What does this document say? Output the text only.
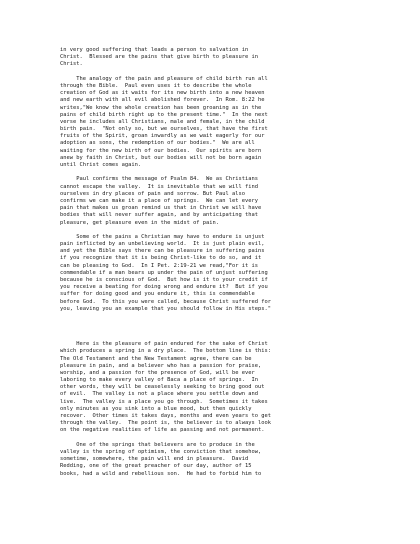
in very good suffering that leads a person to salvation in
Christ.  Blessed are the pains that give birth to pleasure in
Christ.
The analogy of the pain and pleasure of child birth run all
through the Bible.  Paul even uses it to describe the whole
creation of God as it waits for its new birth into a new heaven
and new earth with all evil abolished forever.  In Rom. 8:22 he
writes,"We know the whole creation has been groaning as in the
pains of child birth right up to the present time."  In the next
verse he includes all Christians, male and female, in the child
birth pain.  "Not only so, but we ourselves, that have the first
fruits of the Spirit, groan inwardly as we wait eagerly for our
adoption as sons, the redemption of our bodies."  We are all
waiting for the new birth of our bodies.  Our spirits are born
anew by faith in Christ, but our bodies will not be born again
until Christ comes again.
Paul confirms the message of Psalm 84.  We as Christians
cannot escape the valley.  It is inevitable that we will find
ourselves in dry places of pain and sorrow. But Paul also
confirms we can make it a place of springs.  We can let every
pain that makes us groan remind us that in Christ we will have
bodies that will never suffer again, and by anticipating that
pleasure, get pleasure even in the midst of pain.
Some of the pains a Christian may have to endure is unjust
pain inflicted by an unbelieving world.  It is just plain evil,
and yet the Bible says there can be pleasure in suffering pains
if you recognize that it is being Christ-like to do so, and it
can be pleasing to God.  In I Pet. 2:19-21 we read,"For it is
commendable if a man bears up under the pain of unjust suffering
because he is conscious of God.  But how is it to your credit if
you receive a beating for doing wrong and endure it?  But if you
suffer for doing good and you endure it, this is commendable
before God.  To this you were called, because Christ suffered for
you, leaving you an example that you should follow in His steps."
Here is the pleasure of pain endured for the sake of Christ
which produces a spring in a dry place.  The bottom line is this:
The Old Testament and the New Testament agree, there can be
pleasure in pain, and a believer who has a passion for praise,
worship, and a passion for the presence of God, will be ever
laboring to make every valley of Baca a place of springs.  In
other words, they will be ceaselessly seeking to bring good out
of evil.  The valley is not a place where you settle down and
live.  The valley is a place you go through.  Sometimes it takes
only minutes as you sink into a blue mood, but then quickly
recover.  Other times it takes days, months and even years to get
through the valley.  The point is, the believer is to always look
on the negative realities of life as passing and not permanent.
One of the springs that believers are to produce in the
valley is the spring of optimism, the conviction that somehow,
sometime, somewhere, the pain will end in pleasure.  David
Redding, one of the great preacher of our day, author of 15
books, had a wild and rebellious son.  He had to forbid him to
